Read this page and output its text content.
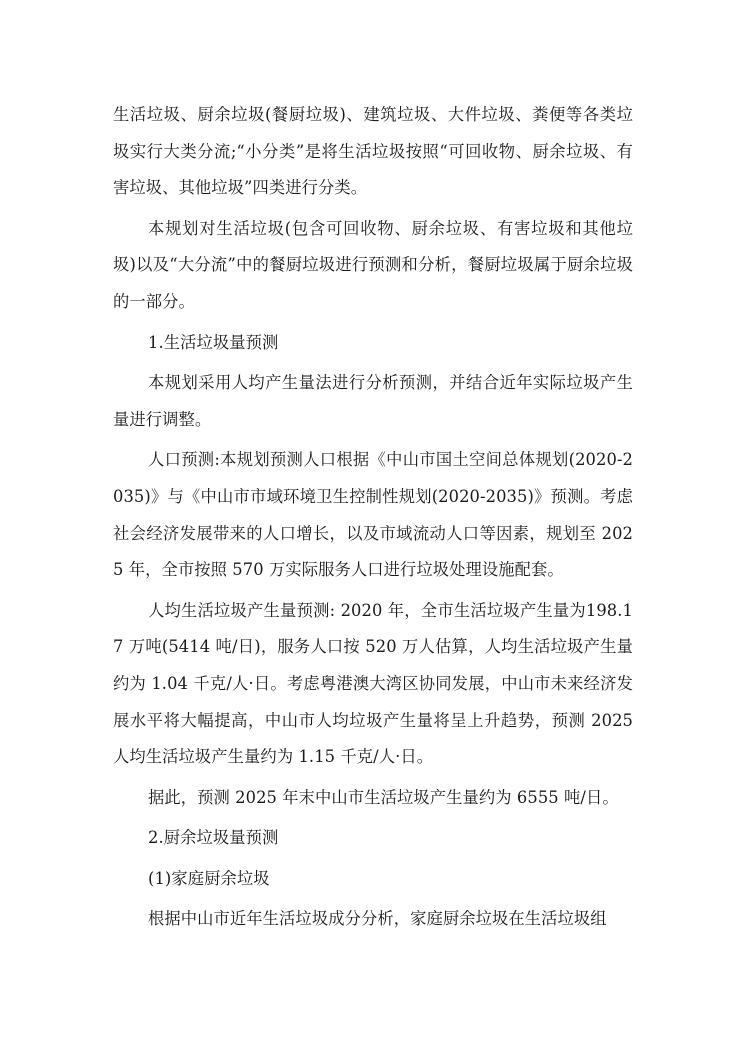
生活垃圾、厨余垃圾(餐厨垃圾)、建筑垃圾、大件垃圾、粪便等各类垃圾实行大类分流;“小分类”是将生活垃圾按照“可回收物、厨余垃圾、有害垃圾、其他垃圾”四类进行分类。

本规划对生活垃圾(包含可回收物、厨余垃圾、有害垃圾和其他垃圾)以及“大分流”中的餐厨垃圾进行预测和分析，餐厨垃圾属于厨余垃圾的一部分。

1.生活垃圾量预测

本规划采用人均产生量法进行分析预测，并结合近年实际垃圾产生量进行调整。

人口预测:本规划预测人口根据《中山市国土空间总体规划(2020-2035)》与《中山市市域环境卫生控制性规划(2020-2035)》预测。考虑社会经济发展带来的人口增长，以及市域流动人口等因素，规划至 2025 年，全市按照 570 万实际服务人口进行垃圾处理设施配套。

人均生活垃圾产生量预测: 2020 年，全市生活垃圾产生量为198.17 万吨(5414 吨/日)，服务人口按 520 万人估算，人均生活垃圾产生量约为 1.04 千克/人·日。考虑粤港澳大湾区协同发展，中山市未来经济发展水平将大幅提高，中山市人均垃圾产生量将呈上升趋势，预测 2025 人均生活垃圾产生量约为 1.15 千克/人·日。

据此，预测 2025 年末中山市生活垃圾产生量约为 6555 吨/日。

2.厨余垃圾量预测

(1)家庭厨余垃圾

根据中山市近年生活垃圾成分分析，家庭厨余垃圾在生活垃圾组
